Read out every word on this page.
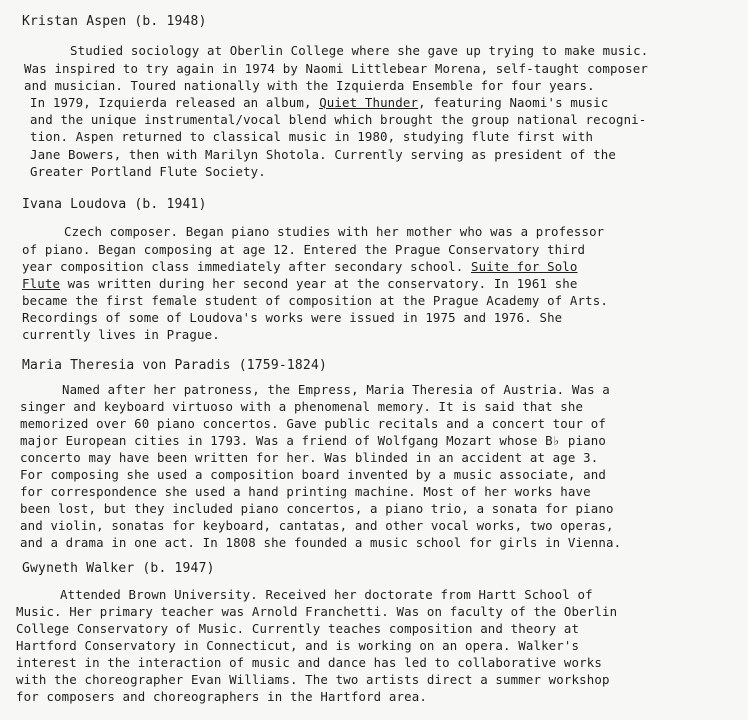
Kristan Aspen (b. 1948)
Studied sociology at Oberlin College where she gave up trying to make music.
Was inspired to try again in 1974 by Naomi Littlebear Morena, self-taught composer
and musician. Toured nationally with the Izquierda Ensemble for four years.
In 1979, Izquierda released an album, Quiet Thunder, featuring Naomi's music
and the unique instrumental/vocal blend which brought the group national recogni-
tion. Aspen returned to classical music in 1980, studying flute first with
Jane Bowers, then with Marilyn Shotola. Currently serving as president of the
Greater Portland Flute Society.
Ivana Loudova (b. 1941)
Czech composer. Began piano studies with her mother who was a professor
of piano. Began composing at age 12. Entered the Prague Conservatory third
year composition class immediately after secondary school. Suite for Solo
Flute was written during her second year at the conservatory. In 1961 she
became the first female student of composition at the Prague Academy of Arts.
Recordings of some of Loudova's works were issued in 1975 and 1976. She
currently lives in Prague.
Maria Theresia von Paradis (1759-1824)
Named after her patroness, the Empress, Maria Theresia of Austria. Was a
singer and keyboard virtuoso with a phenomenal memory. It is said that she
memorized over 60 piano concertos. Gave public recitals and a concert tour of
major European cities in 1793. Was a friend of Wolfgang Mozart whose B♭ piano
concerto may have been written for her. Was blinded in an accident at age 3.
For composing she used a composition board invented by a music associate, and
for correspondence she used a hand printing machine. Most of her works have
been lost, but they included piano concertos, a piano trio, a sonata for piano
and violin, sonatas for keyboard, cantatas, and other vocal works, two operas,
and a drama in one act. In 1808 she founded a music school for girls in Vienna.
Gwyneth Walker (b. 1947)
Attended Brown University. Received her doctorate from Hartt School of
Music. Her primary teacher was Arnold Franchetti. Was on faculty of the Oberlin
College Conservatory of Music. Currently teaches composition and theory at
Hartford Conservatory in Connecticut, and is working on an opera. Walker's
interest in the interaction of music and dance has led to collaborative works
with the choreographer Evan Williams. The two artists direct a summer workshop
for composers and choreographers in the Hartford area.
